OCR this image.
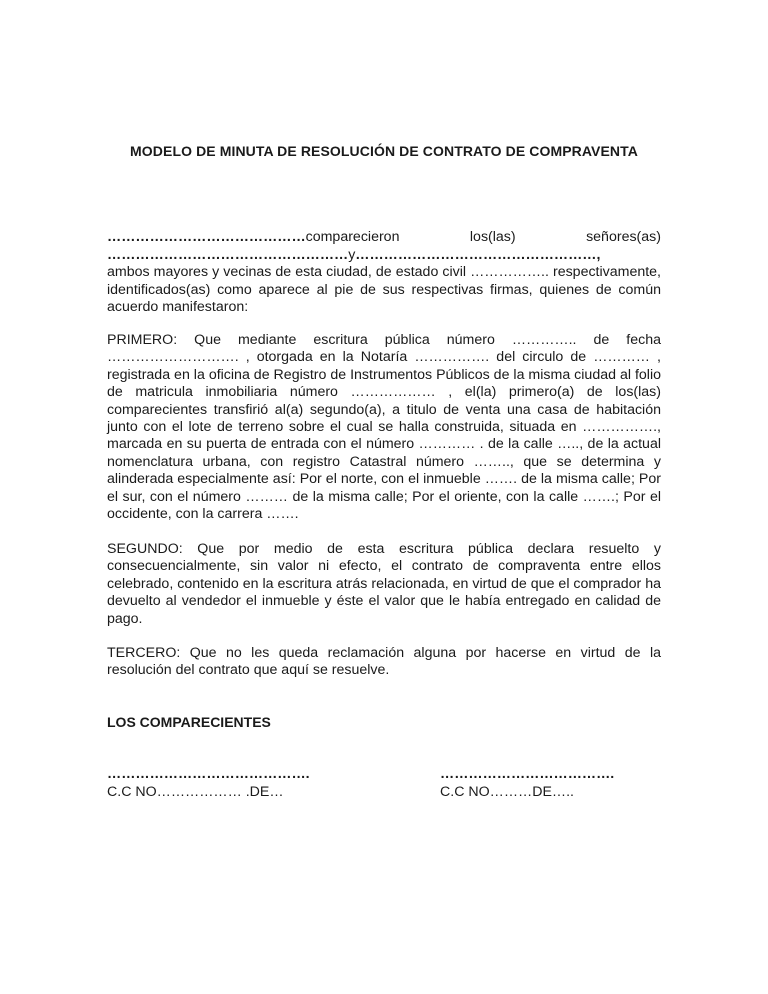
MODELO DE MINUTA DE RESOLUCIÓN DE CONTRATO DE COMPRAVENTA
……………………………………comparecieron	los(las)	señores(as)
…………………………………………… y ……………………………………………,
ambos mayores y vecinas de esta ciudad, de estado civil …………….. respectivamente, identificados(as) como aparece al pie de sus respectivas firmas, quienes de común acuerdo manifestaron:

PRIMERO: Que mediante escritura pública número ………….. de fecha ………………………. , otorgada en la Notaría ……………. del circulo de ………… , registrada en la oficina de Registro de Instrumentos Públicos de la misma ciudad al folio de matricula inmobiliaria número ……………… , el(la) primero(a) de los(las) comparecientes transfirió al(a) segundo(a), a titulo de venta una casa de habitación junto con el lote de terreno sobre el cual se halla construida, situada en ……………., marcada en su puerta de entrada con el número ………… . de la calle ….., de la actual nomenclatura urbana, con registro Catastral número …….., que se determina y alinderada especialmente así: Por el norte, con el inmueble ……. de la misma calle; Por el sur, con el número ……… de la misma calle; Por el oriente, con la calle …….; Por el occidente, con la carrera …….

SEGUNDO: Que por medio de esta escritura pública declara resuelto y consecuencialmente, sin valor ni efecto, el contrato de compraventa entre ellos celebrado, contenido en la escritura atrás relacionada, en virtud de que el comprador ha devuelto al vendedor el inmueble y éste el valor que le había entregado en calidad de pago.

TERCERO: Que no les queda reclamación alguna por hacerse en virtud de la resolución del contrato que aquí se resuelve.

LOS COMPARECIENTES
…………………………………….
C.C NO……………… .DE…
……………………………….
C.C NO………DE…..
